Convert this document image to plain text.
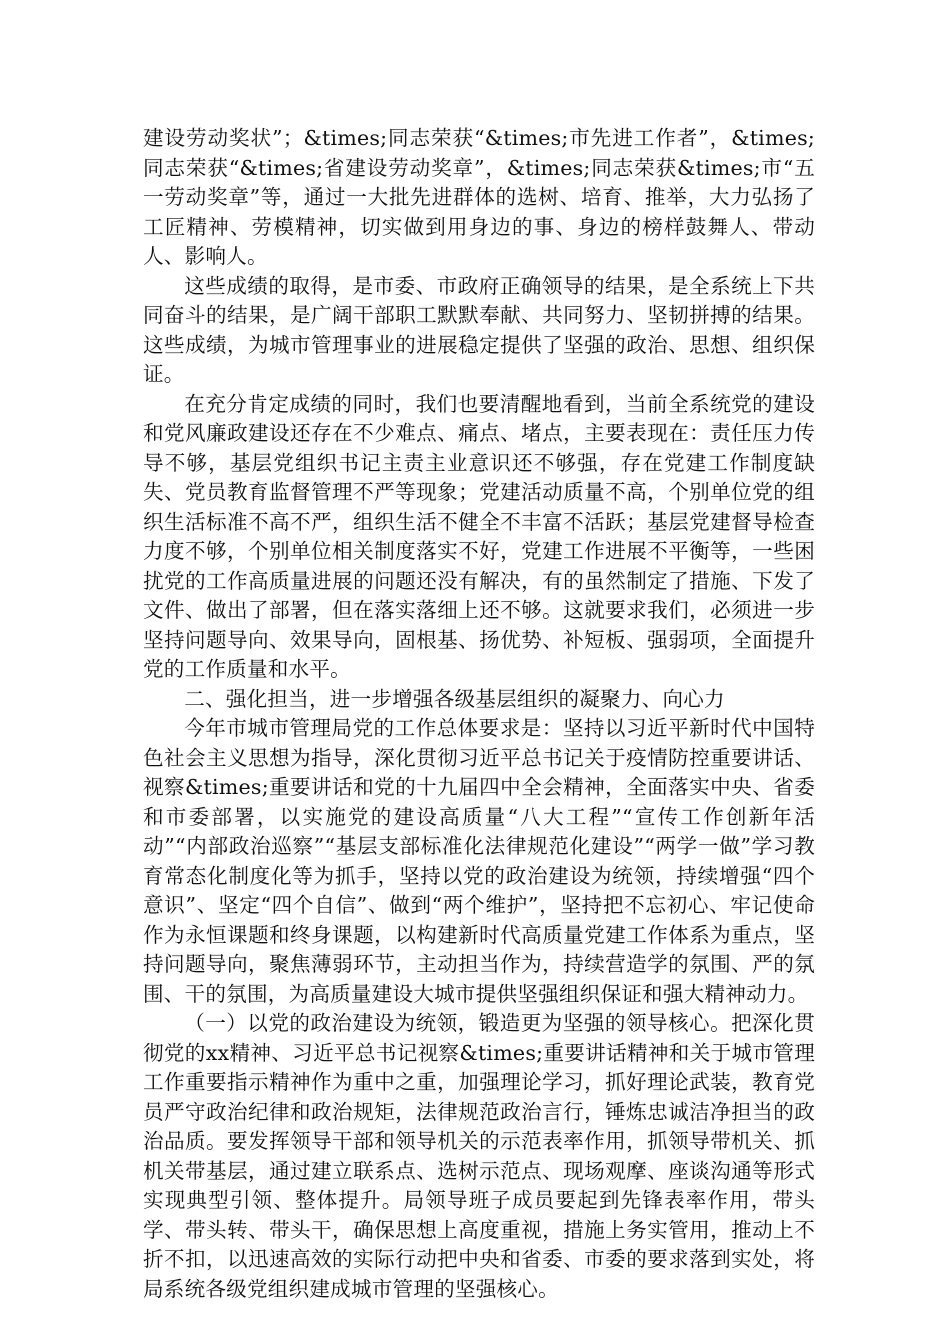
建设劳动奖状”；&times;同志荣获“&times;市先进工作者”，&times;同志荣获“&times;省建设劳动奖章”，&times;同志荣获&times;市“五一劳动奖章”等，通过一大批先进群体的选树、培育、推举，大力弘扬了工匠精神、劳模精神，切实做到用身边的事、身边的榜样鼓舞人、带动人、影响人。

这些成绩的取得，是市委、市政府正确领导的结果，是全系统上下共同奋斗的结果，是广阔干部职工默默奉献、共同努力、坚韧拼搏的结果。这些成绩，为城市管理事业的进展稳定提供了坚强的政治、思想、组织保证。

在充分肯定成绩的同时，我们也要清醒地看到，当前全系统党的建设和党风廉政建设还存在不少难点、痛点、堵点，主要表现在：责任压力传导不够，基层党组织书记主责主业意识还不够强，存在党建工作制度缺失、党员教育监督管理不严等现象；党建活动质量不高，个别单位党的组织生活标准不高不严，组织生活不健全不丰富不活跃；基层党建督导检查力度不够，个别单位相关制度落实不好，党建工作进展不平衡等，一些困扰党的工作高质量进展的问题还没有解决，有的虽然制定了措施、下发了文件、做出了部署，但在落实落细上还不够。这就要求我们，必须进一步坚持问题导向、效果导向，固根基、扬优势、补短板、强弱项，全面提升党的工作质量和水平。

二、强化担当，进一步增强各级基层组织的凝聚力、向心力

今年市城市管理局党的工作总体要求是：坚持以习近平新时代中国特色社会主义思想为指导，深化贯彻习近平总书记关于疫情防控重要讲话、视察&times;重要讲话和党的十九届四中全会精神，全面落实中央、省委和市委部署，以实施党的建设高质量“八大工程”“宣传工作创新年活动”“内部政治巡察”“基层支部标准化法律规范化建设”“两学一做”学习教育常态化制度化等为抓手，坚持以党的政治建设为统领，持续增强“四个意识”、坚定“四个自信”、做到“两个维护”，坚持把不忘初心、牢记使命作为永恒课题和终身课题，以构建新时代高质量党建工作体系为重点，坚持问题导向，聚焦薄弱环节，主动担当作为，持续营造学的氛围、严的氛围、干的氛围，为高质量建设大城市提供坚强组织保证和强大精神动力。

（一）以党的政治建设为统领，锻造更为坚强的领导核心。把深化贯彻党的xx精神、习近平总书记视察&times;重要讲话精神和关于城市管理工作重要指示精神作为重中之重，加强理论学习，抓好理论武装，教育党员严守政治纪律和政治规矩，法律规范政治言行，锤炼忠诚洁净担当的政治品质。要发挥领导干部和领导机关的示范表率作用，抓领导带机关、抓机关带基层，通过建立联系点、选树示范点、现场观摩、座谈沟通等形式实现典型引领、整体提升。局领导班子成员要起到先锋表率作用，带头学、带头转、带头干，确保思想上高度重视，措施上务实管用，推动上不折不扣，以迅速高效的实际行动把中央和省委、市委的要求落到实处，将局系统各级党组织建成城市管理的坚强核心。
